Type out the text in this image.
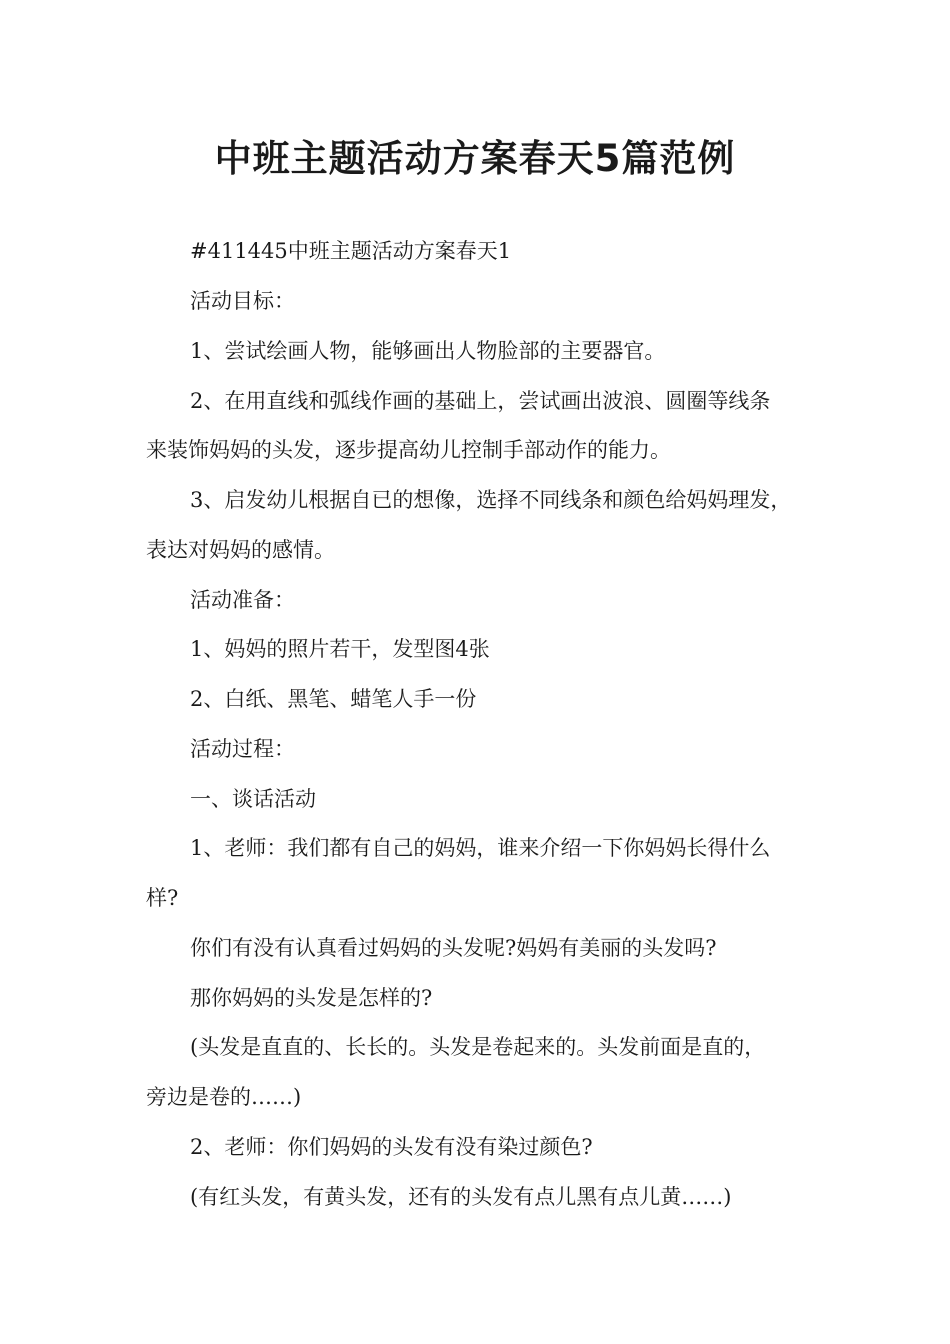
中班主题活动方案春天5篇范例

#411445中班主题活动方案春天1

活动目标：

1、尝试绘画人物，能够画出人物脸部的主要器官。

2、在用直线和弧线作画的基础上，尝试画出波浪、圆圈等线条

来装饰妈妈的头发，逐步提高幼儿控制手部动作的能力。

3、启发幼儿根据自已的想像，选择不同线条和颜色给妈妈理发，

表达对妈妈的感情。

活动准备：

1、妈妈的照片若干，发型图4张

2、白纸、黑笔、蜡笔人手一份

活动过程：

一、谈话活动

1、老师：我们都有自己的妈妈，谁来介绍一下你妈妈长得什么

样?

你们有没有认真看过妈妈的头发呢?妈妈有美丽的头发吗?

那你妈妈的头发是怎样的?

(头发是直直的、长长的。头发是卷起来的。头发前面是直的，

旁边是卷的……)

2、老师：你们妈妈的头发有没有染过颜色?

(有红头发，有黄头发，还有的头发有点儿黑有点儿黄……)
